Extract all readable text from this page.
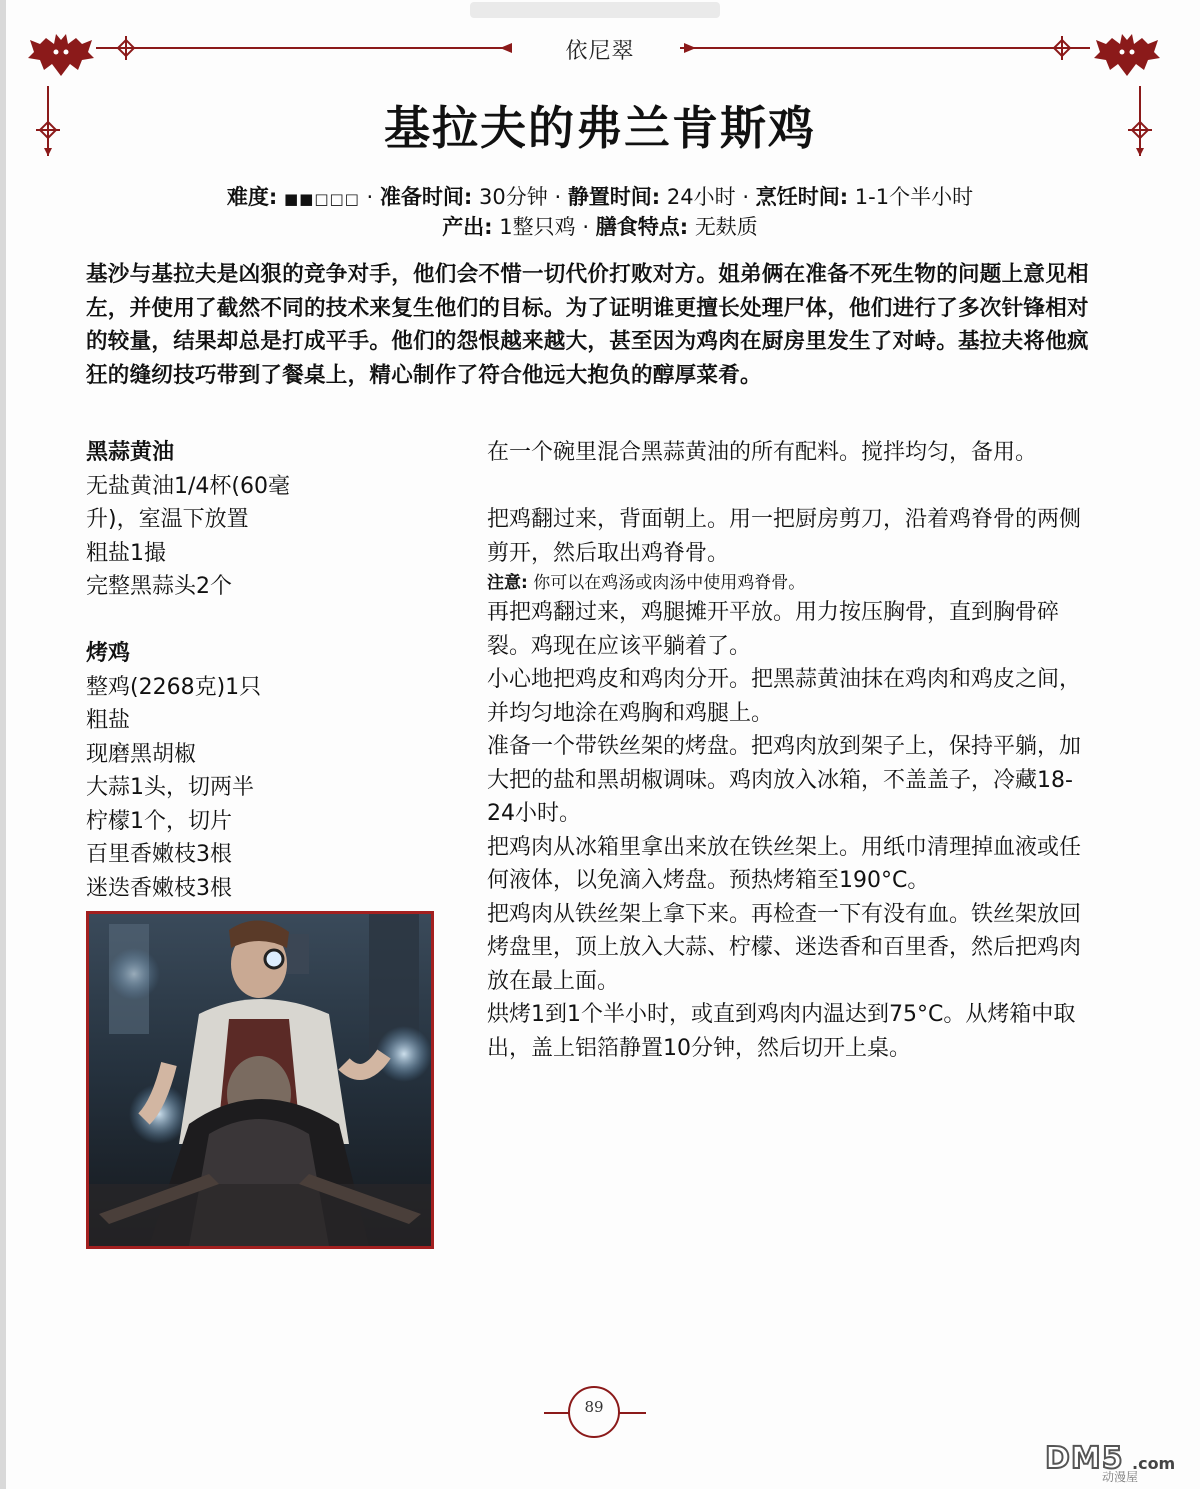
依尼翠
基拉夫的弗兰肯斯鸡
难度: ■■□□□ · 准备时间: 30分钟 · 静置时间: 24小时 · 烹饪时间: 1-1个半小时
产出: 1整只鸡 · 膳食特点: 无麸质
基沙与基拉夫是凶狠的竞争对手，他们会不惜一切代价打败对方。姐弟俩在准备不死生物的问题上意见相左，并使用了截然不同的技术来复生他们的目标。为了证明谁更擅长处理尸体，他们进行了多次针锋相对的较量，结果却总是打成平手。他们的怨恨越来越大，甚至因为鸡肉在厨房里发生了对峙。基拉夫将他疯狂的缝纫技巧带到了餐桌上，精心制作了符合他远大抱负的醇厚菜肴。
黑蒜黄油
无盐黄油1/4杯(60毫升)，室温下放置
粗盐1撮
完整黑蒜头2个
烤鸡
整鸡(2268克)1只
粗盐
现磨黑胡椒
大蒜1头，切两半
柠檬1个，切片
百里香嫩枝3根
迷迭香嫩枝3根

在一个碗里混合黑蒜黄油的所有配料。搅拌均匀，备用。

把鸡翻过来，背面朝上。用一把厨房剪刀，沿着鸡脊骨的两侧剪开，然后取出鸡脊骨。

注意: 你可以在鸡汤或肉汤中使用鸡脊骨。

再把鸡翻过来，鸡腿摊开平放。用力按压胸骨，直到胸骨碎裂。鸡现在应该平躺着了。

小心地把鸡皮和鸡肉分开。把黑蒜黄油抹在鸡肉和鸡皮之间，并均匀地涂在鸡胸和鸡腿上。

准备一个带铁丝架的烤盘。把鸡肉放到架子上，保持平躺，加大把的盐和黑胡椒调味。鸡肉放入冰箱，不盖盖子，冷藏18-24小时。

把鸡肉从冰箱里拿出来放在铁丝架上。用纸巾清理掉血液或任何液体，以免滴入烤盘。预热烤箱至190°C。

把鸡肉从铁丝架上拿下来。再检查一下有没有血。铁丝架放回烤盘里，顶上放入大蒜、柠檬、迷迭香和百里香，然后把鸡肉放在最上面。

烘烤1到1个半小时，或直到鸡肉内温达到75°C。从烤箱中取出，盖上铝箔静置10分钟，然后切开上桌。

89
DM5 .com
动漫屋
